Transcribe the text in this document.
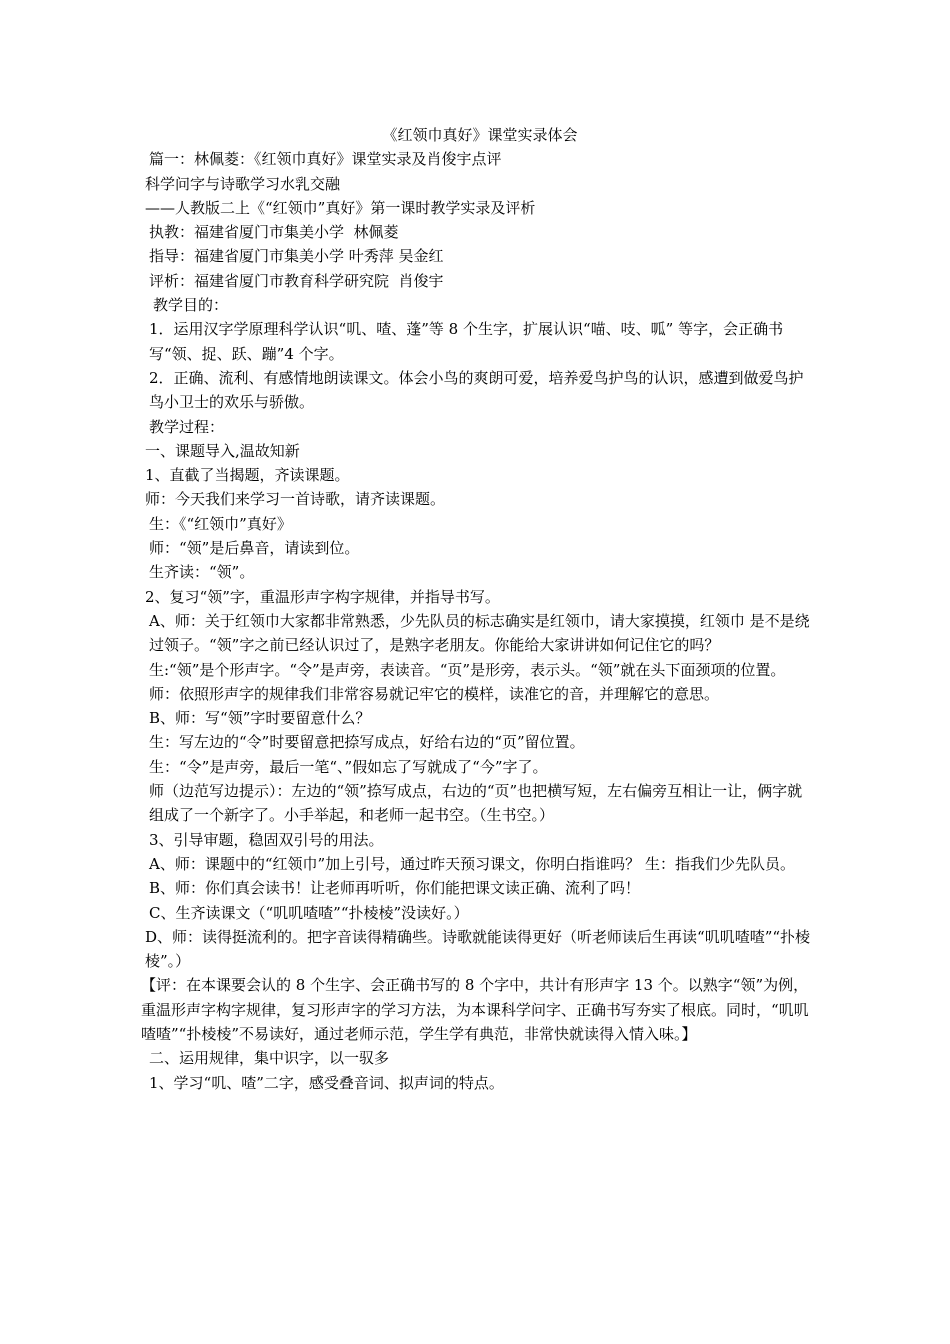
《红领巾真好》课堂实录体会

篇一：林佩菱：《红领巾真好》课堂实录及肖俊宇点评

科学问字与诗歌学习水乳交融

——人教版二上《“红领巾”真好》第一课时教学实录及评析

执教：福建省厦门市集美小学  林佩菱

指导：福建省厦门市集美小学 叶秀萍 吴金红

评析：福建省厦门市教育科学研究院  肖俊宇

教学目的：

1．运用汉字学原理科学认识“叽、喳、蓬”等 8 个生字，扩展认识“喵、吱、呱” 等字，会正确书写“领、捉、跃、蹦”4 个字。

2．正确、流利、有感情地朗读课文。体会小鸟的爽朗可爱，培养爱鸟护鸟的认识，感遭到做爱鸟护鸟小卫士的欢乐与骄傲。

教学过程：

一、课题导入,温故知新

1、直截了当揭题，齐读课题。

师：今天我们来学习一首诗歌，请齐读课题。

生：《“红领巾”真好》

师：“领”是后鼻音，请读到位。

生齐读：“领”。

2、复习“领”字，重温形声字构字规律，并指导书写。

A、师：关于红领巾大家都非常熟悉，少先队员的标志确实是红领巾，请大家摸摸，红领巾 是不是绕过领子。“领”字之前已经认识过了，是熟字老朋友。你能给大家讲讲如何记住它的吗？

生:“领”是个形声字。“令”是声旁，表读音。“页”是形旁，表示头。“领”就在头下面颈项的位置。

师：依照形声字的规律我们非常容易就记牢它的模样，读准它的音，并理解它的意思。

B、师：写“领”字时要留意什么？

生：写左边的“令”时要留意把捺写成点，好给右边的“页”留位置。

生：“令”是声旁，最后一笔“、”假如忘了写就成了“今”字了。

师（边范写边提示）：左边的“领”捺写成点，右边的“页”也把横写短，左右偏旁互相让一让，俩字就组成了一个新字了。小手举起，和老师一起书空。（生书空。）

3、引导审题，稳固双引号的用法。

A、师：课题中的“红领巾”加上引号，通过昨天预习课文，你明白指谁吗？ 生：指我们少先队员。

B、师：你们真会读书！让老师再听听，你们能把课文读正确、流利了吗！

C、生齐读课文（“叽叽喳喳”“扑棱棱”没读好。）

D、师：读得挺流利的。把字音读得精确些。诗歌就能读得更好（听老师读后生再读“叽叽喳喳”“扑棱棱”。）

【评：在本课要会认的 8 个生字、会正确书写的 8 个字中，共计有形声字 13 个。以熟字“领”为例，重温形声字构字规律，复习形声字的学习方法，为本课科学问字、正确书写夯实了根底。同时，“叽叽喳喳”“扑棱棱”不易读好，通过老师示范，学生学有典范，非常快就读得入情入味。】

二、运用规律，集中识字，以一驭多

1、学习“叽、喳”二字，感受叠音词、拟声词的特点。
